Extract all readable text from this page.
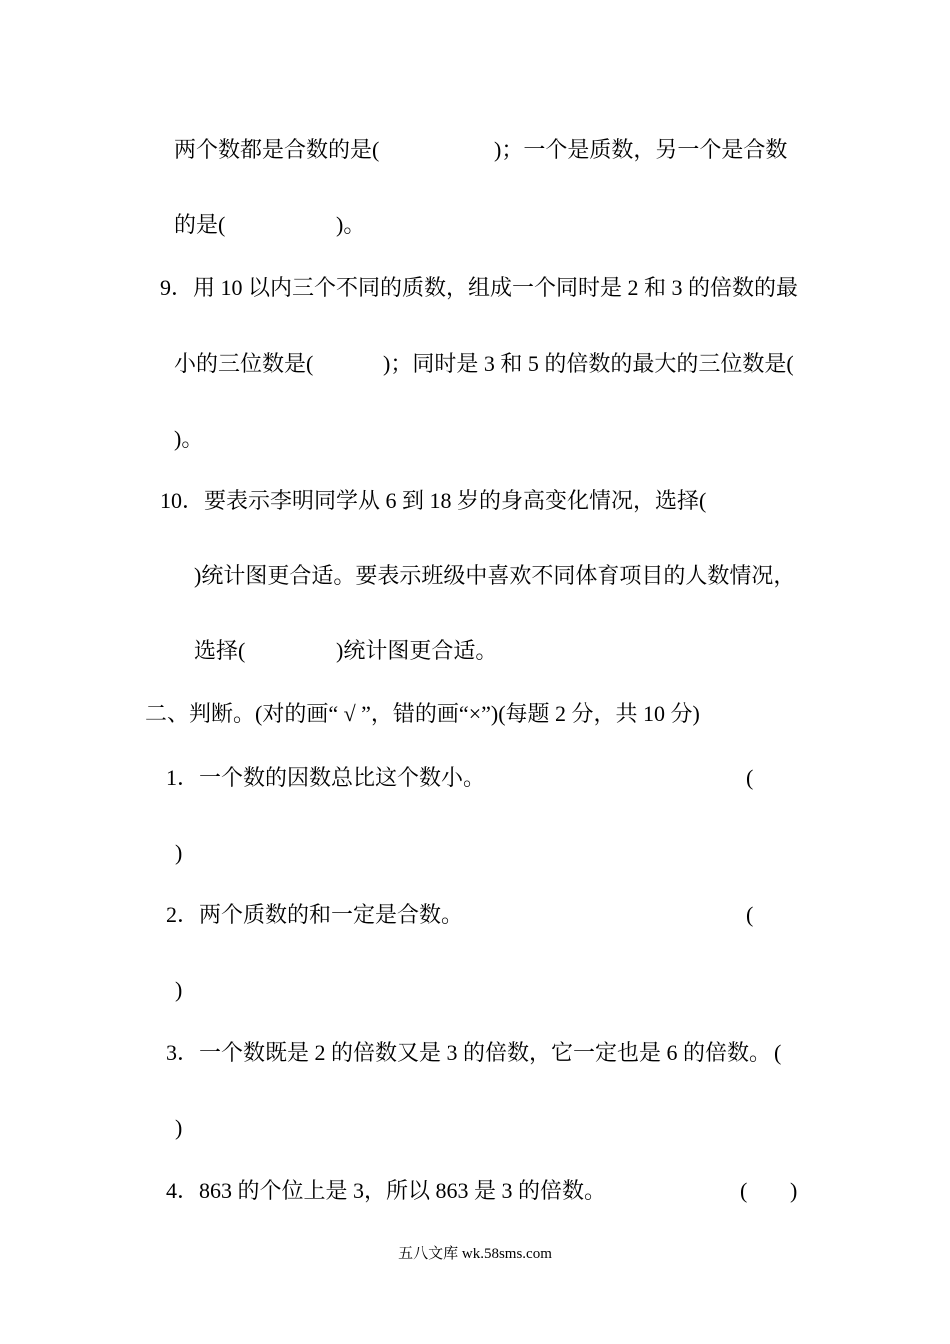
两个数都是合数的是(	)；一个是质数，另一个是合数
的是(	)。
9．用 10 以内三个不同的质数，组成一个同时是 2 和 3 的倍数的最
小的三位数是(	)；同时是 3 和 5 的倍数的最大的三位数是(
)。
10．要表示李明同学从 6 到 18 岁的身高变化情况，选择(
)统计图更合适。要表示班级中喜欢不同体育项目的人数情况，
选择(	)统计图更合适。
二、判断。(对的画“ √ ”，错的画“×”)(每题 2 分，共 10 分)
1．一个数的因数总比这个数小。	(
)
2．两个质数的和一定是合数。	(
)
3．一个数既是 2 的倍数又是 3 的倍数，它一定也是 6 的倍数。 (
)
4．863 的个位上是 3，所以 863 是 3 的倍数。	( )
五八文库 wk.58sms.com
